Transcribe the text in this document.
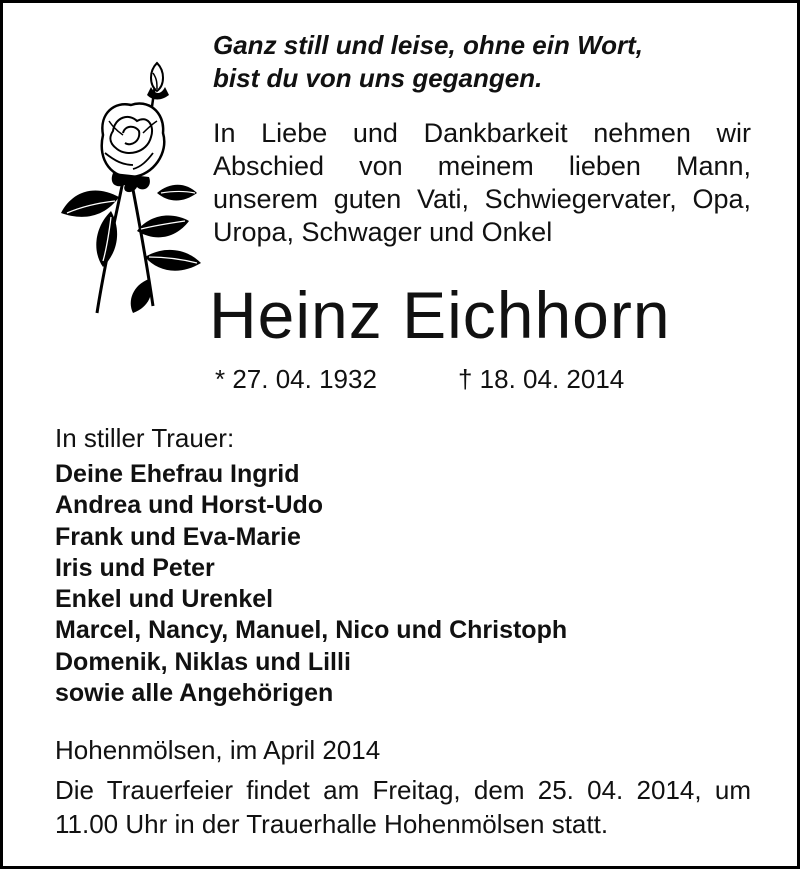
Ganz still und leise, ohne ein Wort,
bist du von uns gegangen.

In Liebe und Dankbarkeit nehmen wir
Abschied von meinem lieben Mann,
unserem guten Vati, Schwiegervater, Opa,
Uropa, Schwager und Onkel

Heinz Eichhorn
* 27. 04. 1932	† 18. 04. 2014

In stiller Trauer:

Deine Ehefrau Ingrid
Andrea und Horst-Udo
Frank und Eva-Marie
Iris und Peter
Enkel und Urenkel
Marcel, Nancy, Manuel, Nico und Christoph
Domenik, Niklas und Lilli
sowie alle Angehörigen

Hohenmölsen, im April 2014

Die Trauerfeier findet am Freitag, dem 25. 04. 2014, um
11.00 Uhr in der Trauerhalle Hohenmölsen statt.
